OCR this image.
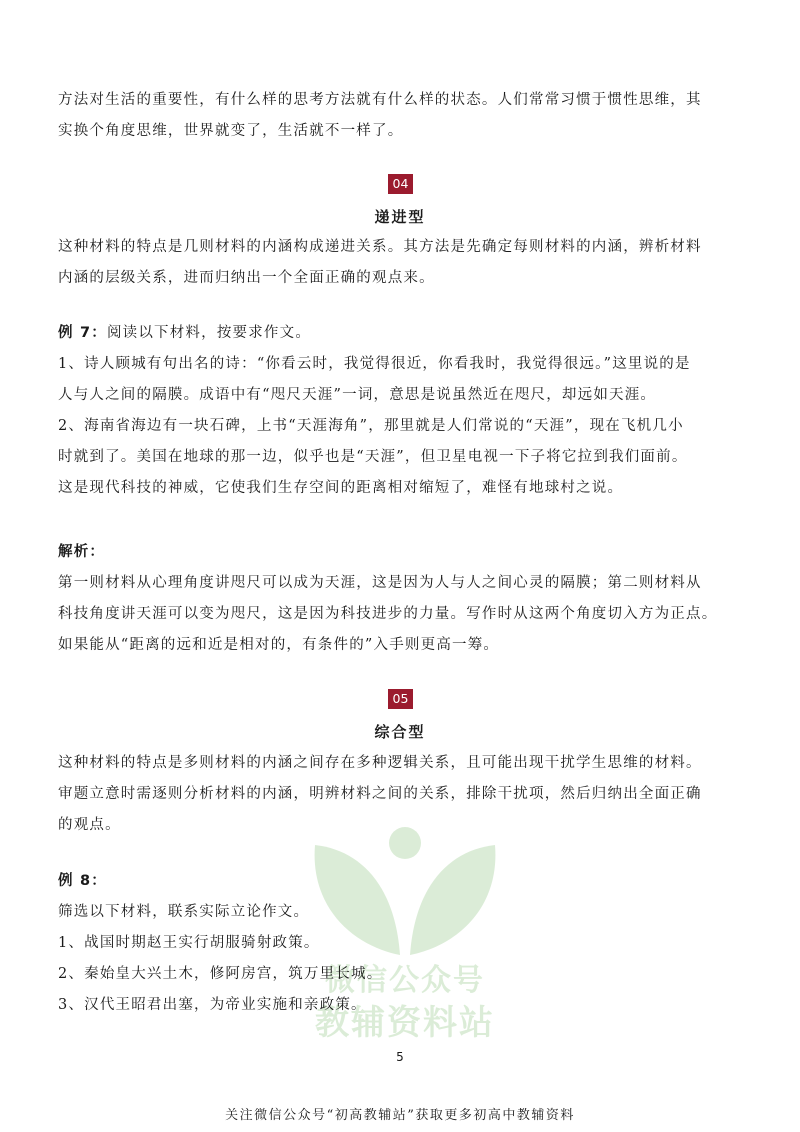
方法对生活的重要性，有什么样的思考方法就有什么样的状态。人们常常习惯于惯性思维，其
实换个角度思维，世界就变了，生活就不一样了。

04
递进型

这种材料的特点是几则材料的内涵构成递进关系。其方法是先确定每则材料的内涵，辨析材料
内涵的层级关系，进而归纳出一个全面正确的观点来。

例 7：阅读以下材料，按要求作文。
1、诗人顾城有句出名的诗：“你看云时，我觉得很近，你看我时，我觉得很远。”这里说的是
人与人之间的隔膜。成语中有“咫尺天涯”一词，意思是说虽然近在咫尺，却远如天涯。
2、海南省海边有一块石碑，上书“天涯海角”，那里就是人们常说的“天涯”，现在飞机几小
时就到了。美国在地球的那一边，似乎也是“天涯”，但卫星电视一下子将它拉到我们面前。
这是现代科技的神威，它使我们生存空间的距离相对缩短了，难怪有地球村之说。

解析：
第一则材料从心理角度讲咫尺可以成为天涯，这是因为人与人之间心灵的隔膜；第二则材料从
科技角度讲天涯可以变为咫尺，这是因为科技进步的力量。写作时从这两个角度切入方为正点。
如果能从“距离的远和近是相对的，有条件的”入手则更高一筹。

微信公众号
教辅资料站
05
综合型

这种材料的特点是多则材料的内涵之间存在多种逻辑关系，且可能出现干扰学生思维的材料。
审题立意时需逐则分析材料的内涵，明辨材料之间的关系，排除干扰项，然后归纳出全面正确
的观点。

例 8：
筛选以下材料，联系实际立论作文。
1、战国时期赵王实行胡服骑射政策。
2、秦始皇大兴土木，修阿房宫，筑万里长城。
3、汉代王昭君出塞，为帝业实施和亲政策。

5
关注微信公众号“初高教辅站”获取更多初高中教辅资料
